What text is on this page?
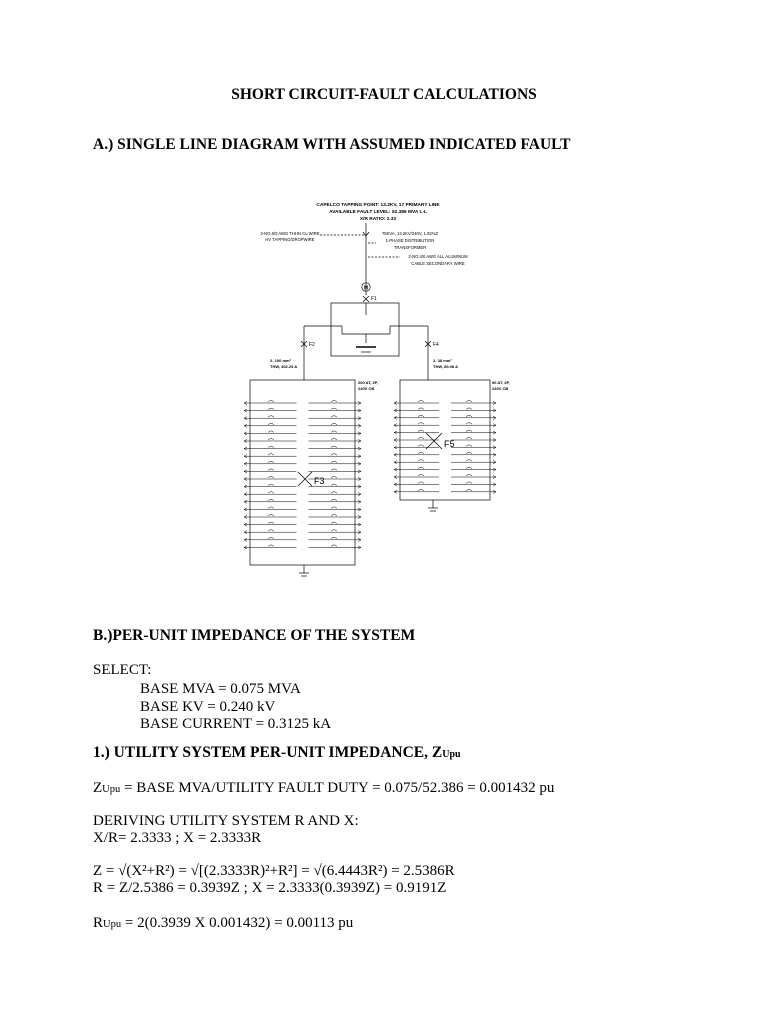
SHORT CIRCUIT-FAULT CALCULATIONS
A.) SINGLE LINE DIAGRAM WITH ASSUMED INDICATED FAULT
CAPELCO TAPPING POINT: 13.2KV, 17 PRIMARY LINE
AVAILABLE FAULT LEVEL: 52.386 MVA L-L
X/R RATIO: 2.33
2-NO.6/0 AWG THHN Cu WIRE
HV TAPPING/DROPWIRE
75KVA, 13.2KV/240V, 1.92%Z
1-PHASE DISTRIBUTION
TRANSFORMER
2-NO.4/0 AWG ALL ALUMINUM
CABLE SECONDARY WIRE
M
F1
F2	F4
F3
F5
2- 100 mm²
THW, 302.25 A
2- 38 mm²
THW, 89.08 A
200 AT, 2P,
240V CB
90 AT, 2P,
240V CB
B.)PER-UNIT IMPEDANCE OF THE SYSTEM
SELECT:
BASE MVA = 0.075 MVA
BASE KV = 0.240 kV
BASE CURRENT = 0.3125 kA
1.) UTILITY SYSTEM PER-UNIT IMPEDANCE, ZUpu
ZUpu = BASE MVA/UTILITY FAULT DUTY = 0.075/52.386 = 0.001432 pu
DERIVING UTILITY SYSTEM R AND X:
X/R= 2.3333 ; X = 2.3333R
Z = √(X²+R²) = √[(2.3333R)²+R²] = √(6.4443R²) = 2.5386R
R = Z/2.5386 = 0.3939Z ; X = 2.3333(0.3939Z) = 0.9191Z
RUpu = 2(0.3939 X 0.001432) = 0.00113 pu
